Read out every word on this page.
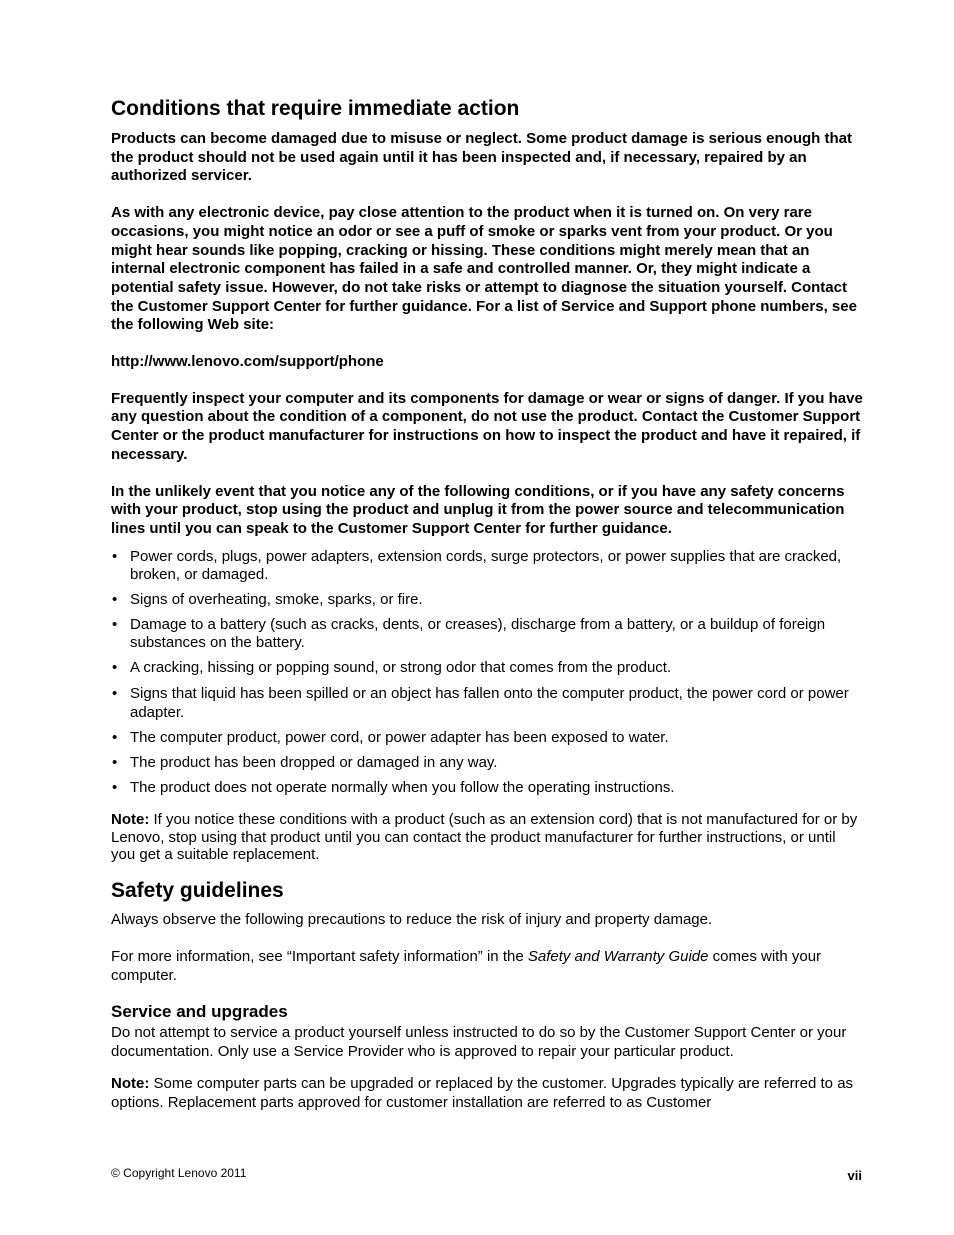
Conditions that require immediate action

Products can become damaged due to misuse or neglect. Some product damage is serious enough that the product should not be used again until it has been inspected and, if necessary, repaired by an authorized servicer.

As with any electronic device, pay close attention to the product when it is turned on. On very rare occasions, you might notice an odor or see a puff of smoke or sparks vent from your product. Or you might hear sounds like popping, cracking or hissing. These conditions might merely mean that an internal electronic component has failed in a safe and controlled manner. Or, they might indicate a potential safety issue. However, do not take risks or attempt to diagnose the situation yourself. Contact the Customer Support Center for further guidance. For a list of Service and Support phone numbers, see the following Web site:

http://www.lenovo.com/support/phone

Frequently inspect your computer and its components for damage or wear or signs of danger. If you have any question about the condition of a component, do not use the product. Contact the Customer Support Center or the product manufacturer for instructions on how to inspect the product and have it repaired, if necessary.

In the unlikely event that you notice any of the following conditions, or if you have any safety concerns with your product, stop using the product and unplug it from the power source and telecommunication lines until you can speak to the Customer Support Center for further guidance.

• Power cords, plugs, power adapters, extension cords, surge protectors, or power supplies that are cracked, broken, or damaged.
• Signs of overheating, smoke, sparks, or fire.
• Damage to a battery (such as cracks, dents, or creases), discharge from a battery, or a buildup of foreign substances on the battery.
• A cracking, hissing or popping sound, or strong odor that comes from the product.
• Signs that liquid has been spilled or an object has fallen onto the computer product, the power cord or power adapter.
• The computer product, power cord, or power adapter has been exposed to water.
• The product has been dropped or damaged in any way.
• The product does not operate normally when you follow the operating instructions.

Note: If you notice these conditions with a product (such as an extension cord) that is not manufactured for or by Lenovo, stop using that product until you can contact the product manufacturer for further instructions, or until you get a suitable replacement.

Safety guidelines

Always observe the following precautions to reduce the risk of injury and property damage.

For more information, see “Important safety information” in the Safety and Warranty Guide comes with your computer.

Service and upgrades

Do not attempt to service a product yourself unless instructed to do so by the Customer Support Center or your documentation. Only use a Service Provider who is approved to repair your particular product.

Note: Some computer parts can be upgraded or replaced by the customer. Upgrades typically are referred to as options. Replacement parts approved for customer installation are referred to as Customer

© Copyright Lenovo 2011	vii
